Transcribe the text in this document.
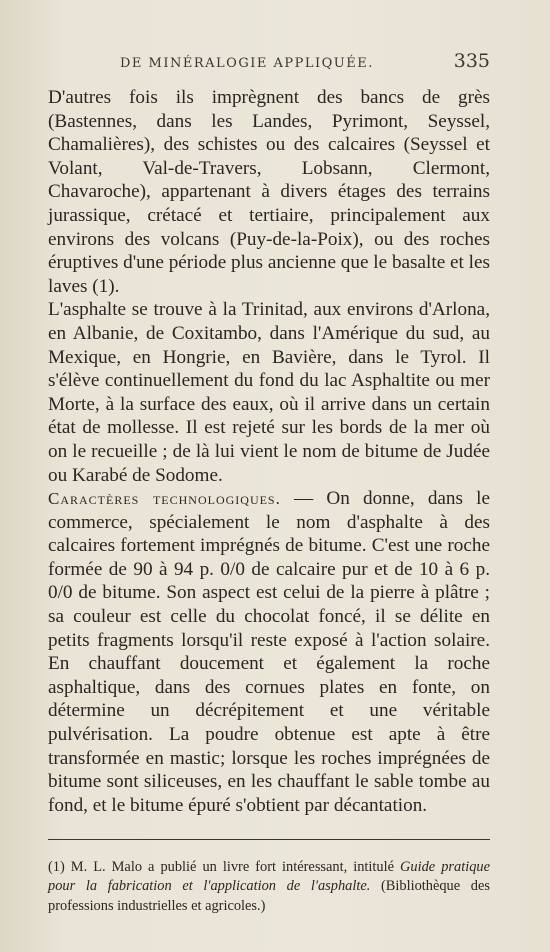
DE MINÉRALOGIE APPLIQUÉE.	335

D'autres fois ils imprègnent des bancs de grès (Bastennes, dans les Landes, Pyrimont, Seyssel, Chamalières), des schistes ou des calcaires (Seyssel et Volant, Val-de-Travers, Lobsann, Clermont, Chavaroche), appartenant à divers étages des terrains jurassique, crétacé et tertiaire, principalement aux environs des volcans (Puy-de-la-Poix), ou des roches éruptives d'une période plus ancienne que le basalte et les laves (1).

L'asphalte se trouve à la Trinitad, aux environs d'Arlona, en Albanie, de Coxitambo, dans l'Amérique du sud, au Mexique, en Hongrie, en Bavière, dans le Tyrol. Il s'élève continuellement du fond du lac Asphaltite ou mer Morte, à la surface des eaux, où il arrive dans un certain état de mollesse. Il est rejeté sur les bords de la mer où on le recueille ; de là lui vient le nom de bitume de Judée ou Karabé de Sodome.

Caractères technologiques. — On donne, dans le commerce, spécialement le nom d'asphalte à des calcaires fortement imprégnés de bitume. C'est une roche formée de 90 à 94 p. 0/0 de calcaire pur et de 10 à 6 p. 0/0 de bitume. Son aspect est celui de la pierre à plâtre ; sa couleur est celle du chocolat foncé, il se délite en petits fragments lorsqu'il reste exposé à l'action solaire. En chauffant doucement et également la roche asphaltique, dans des cornues plates en fonte, on détermine un décrépitement et une véritable pulvérisation. La poudre obtenue est apte à être transformée en mastic; lorsque les roches imprégnées de bitume sont siliceuses, en les chauffant le sable tombe au fond, et le bitume épuré s'obtient par décantation.

(1) M. L. Malo a publié un livre fort intéressant, intitulé Guide pratique pour la fabrication et l'application de l'asphalte. (Bibliothèque des professions industrielles et agricoles.)
